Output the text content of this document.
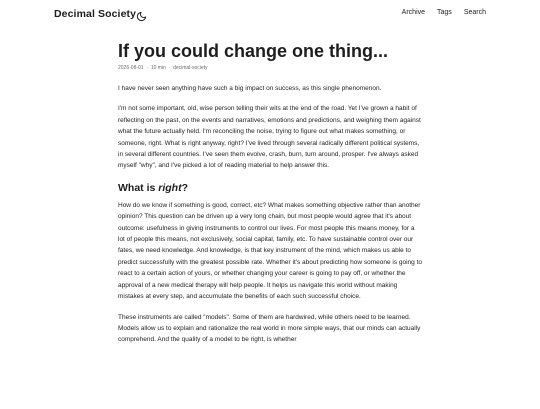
Decimal Society	Archive Tags Search
If you could change one thing...
2026-08-01  ·  10 min  ·  decimal-society

I have never seen anything have such a big impact on success, as this single phenomenon.

I'm not some important, old, wise person telling their wits at the end of the road. Yet I've grown a habit of reflecting on the past, on the events and narratives, emotions and predictions, and weighing them against what the future actually held. I'm reconciling the noise, trying to figure out what makes something, or someone, right. What is right anyway, right? I've lived through several radically different political systems, in several different countries. I've seen them evolve, crash, burn, turn around, prosper. I've always asked myself "why", and I've picked a lot of reading material to help answer this.

What is right?

How do we know if something is good, correct, etc? What makes something objective rather than another opinion? This question can be driven up a very long chain, but most people would agree that it's about outcome: usefulness in giving instruments to control our lives. For most people this means money, for a lot of people this means, not exclusively, social capital, family, etc. To have sustainable control over our fates, we need knowledge. And knowledge, is that key instrument of the mind, which makes us able to predict successfully with the greatest possible rate. Whether it's about predicting how someone is going to react to a certain action of yours, or whether changing your career is going to pay off, or whether the approval of a new medical therapy will help people. It helps us navigate this world without making mistakes at every step, and accumulate the benefits of each such successful choice.

These instruments are called "models". Some of them are hardwired, while others need to be learned. Models allow us to explain and rationalize the real world in more simple ways, that our minds can actually comprehend. And the quality of a model to be right, is whether
